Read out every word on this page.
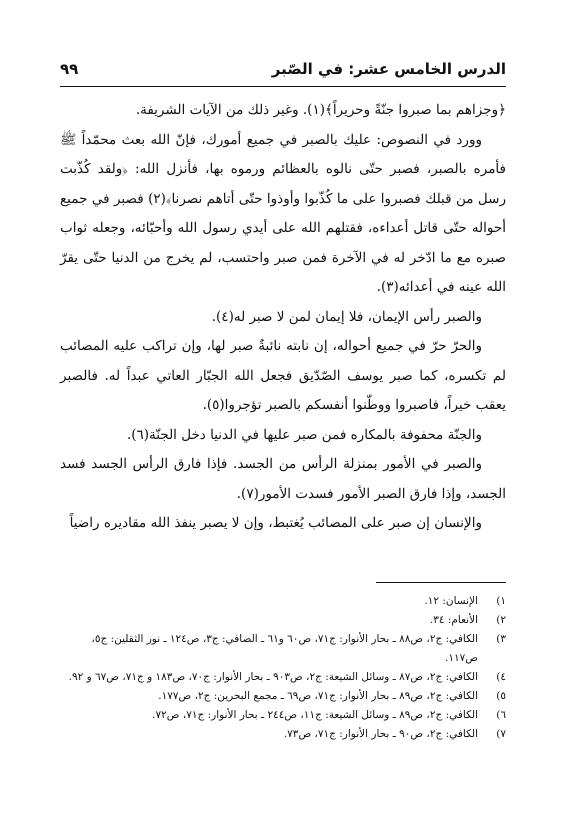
الدرس الخامس عشر: في الصّبر
٩٩

﴿وجزاهم بما صبروا جنّةً وحريراً﴾(١). وغير ذلك من الآيات الشريفة.

وورد في النصوص: عليك بالصبر في جميع أمورك، فإنّ الله بعث محمّداً ﷺ فأمره بالصبر، فصبر حتّى نالوه بالعظائم ورموه بها، فأنزل الله: ﴿ولقد كُذّبت رسل من قبلك فصبروا على ما كُذّبوا وأوذوا حتّى أتاهم نصرنا﴾(٢) فصبر في جميع أحواله حتّى قاتل أعداءه، فقتلهم الله على أيدي رسول الله وأحبّائه، وجعله ثواب صبره مع ما ادّخر له في الآخرة فمن صبر واحتسب، لم يخرج من الدنيا حتّى يقرّ الله عينه في أعدائه(٣).

والصبر رأس الإيمان، فلا إيمان لمن لا صبر له(٤).

والحرّ حرّ في جميع أحواله، إن نابته نائبةٌ صبر لها، وإن تراكب عليه المصائب لم تكسره، كما صبر يوسف الصّدّيق فجعل الله الجبّار العاتي عبداً له. فالصبر يعقب خيراً، فاصبروا ووطّنوا أنفسكم بالصبر تؤجروا(٥).

والجنّة محفوفة بالمكاره فمن صبر عليها في الدنيا دخل الجنّة(٦).

والصبر في الأمور بمنزلة الرأس من الجسد. فإذا فارق الرأس الجسد فسد الجسد، وإذا فارق الصبر الأمور فسدت الأمور(٧).

والإنسان إن صبر على المصائب يُغتبط، وإن لا يصبر ينفذ الله مقاديره راضياً

١)
الإنسان: ١٢.
٢)
الأنعام: ٣٤.
٣)
الكافي: ج٢، ص٨٨ ـ بحار الأنوار: ج٧١، ص٦٠ و٦١ ـ الصافي: ج٣، ص١٢٤ ـ نور الثقلين: ج٥، ص١١٧.
٤)
الكافي: ج٢، ص٨٧ ـ وسائل الشيعة: ج٢، ص٩٠٣ ـ بحار الأنوار: ج٧٠، ص١٨٣ و ج٧١، ص٦٧ و ٩٢.
٥)
الكافي: ج٢، ص٨٩ ـ بحار الأنوار: ج٧١، ص٦٩ ـ مجمع البحرين: ج٢، ص١٧٧.
٦)
الكافي: ج٢، ص٨٩ ـ وسائل الشيعة: ج١١، ص٢٤٤ ـ بحار الأنوار: ج٧١، ص٧٢.
٧)
الكافي: ج٢، ص٩٠ ـ بحار الأنوار: ج٧١، ص٧٣.
